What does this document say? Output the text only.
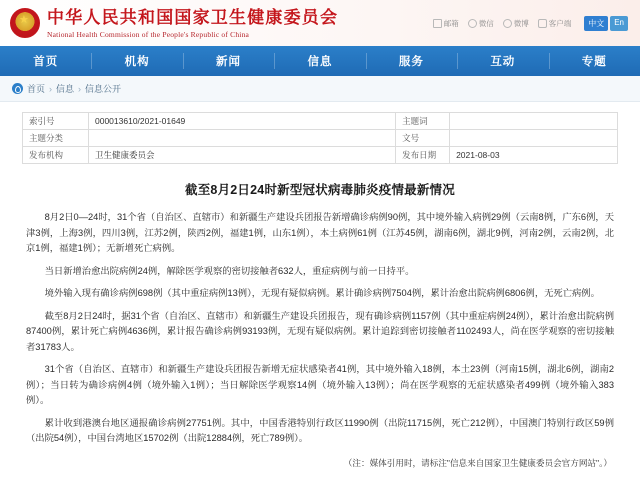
★ 中华人民共和国国家卫生健康委员会
National Health Commission of the People's Republic of China
邮箱	微信	微博	客户端	中文	En
首页	机构	新闻	信息	服务	互动	专题
首页 › 信息 › 信息公开
索引号	000013610/2021-01649	主题词	
主题分类		文号	
发布机构	卫生健康委员会	发布日期	2021-08-03
截至8月2日24时新型冠状病毒肺炎疫情最新情况

8月2日0—24时，31个省（自治区、直辖市）和新疆生产建设兵团报告新增确诊病例90例，其中境外输入病例29例（云南8例，广东6例，天津3例，上海3例，四川3例，江苏2例，陕西2例，福建1例，山东1例），本土病例61例（江苏45例，湖南6例，湖北9例，河南2例，云南2例，北京1例，福建1例）；无新增死亡病例。

当日新增治愈出院病例24例，解除医学观察的密切接触者632人，重症病例与前一日持平。

境外输入现有确诊病例698例（其中重症病例13例），无现有疑似病例。累计确诊病例7504例，累计治愈出院病例6806例，无死亡病例。

截至8月2日24时，据31个省（自治区、直辖市）和新疆生产建设兵团报告，现有确诊病例1157例（其中重症病例24例），累计治愈出院病例87400例，累计死亡病例4636例，累计报告确诊病例93193例，无现有疑似病例。累计追踪到密切接触者1102493人，尚在医学观察的密切接触者31783人。

31个省（自治区、直辖市）和新疆生产建设兵团报告新增无症状感染者41例，其中境外输入18例，本土23例（河南15例，湖北6例，湖南2例）；当日转为确诊病例4例（境外输入1例）；当日解除医学观察14例（境外输入13例）；尚在医学观察的无症状感染者499例（境外输入383例）。

累计收到港澳台地区通报确诊病例27751例。其中，中国香港特别行政区11990例（出院11715例，死亡212例），中国澳门特别行政区59例（出院54例），中国台湾地区15702例（出院12884例，死亡789例）。

（注：媒体引用时，请标注"信息来自国家卫生健康委员会官方网站"。）
